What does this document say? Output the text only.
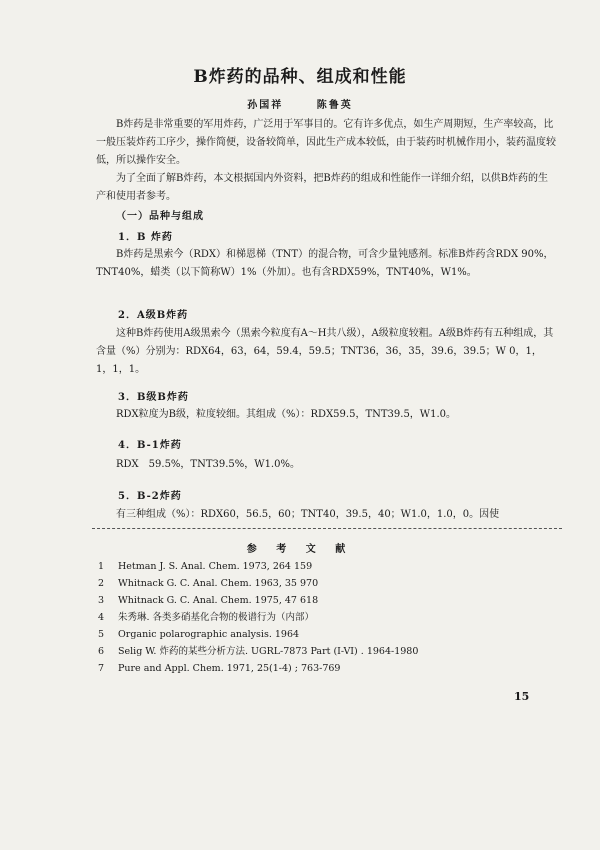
B炸药的品种、组成和性能
孙国祥	陈鲁英

B炸药是非常重要的军用炸药，广泛用于军事目的。它有许多优点，如生产周期短，生产率较高，比一般压装炸药工序少，操作简便，设备较简单，因此生产成本较低，由于装药时机械作用小，装药温度较低，所以操作安全。

为了全面了解B炸药，本文根据国内外资料，把B炸药的组成和性能作一详细介绍，以供B炸药的生产和使用者参考。

（一）品种与组成
1．B 炸药

B炸药是黑索今（RDX）和梯恩梯（TNT）的混合物，可含少量钝感剂。标准B炸药含RDX 90%，TNT40%，蜡类（以下简称W）1%（外加）。也有含RDX59%，TNT40%，W1%。

2．A级B炸药

这种B炸药使用A级黑索今（黑索今粒度有A～H共八级），A级粒度较粗。A级B炸药有五种组成，其含量（%）分别为：RDX64，63，64，59.4，59.5；TNT36，36，35，39.6，39.5；W 0，1，1，1，1。

3．B级B炸药

RDX粒度为B级，粒度较细。其组成（%）：RDX59.5，TNT39.5，W1.0。

4．B-1炸药

RDX　59.5%，TNT39.5%，W1.0%。

5．B-2炸药

有三种组成（%）：RDX60，56.5，60；TNT40，39.5，40；W1.0，1.0，0。因使

参 考 文 献
1 Hetman J. S. Anal. Chem. 1973, 264 159
2 Whitnack G. C. Anal. Chem. 1963, 35 970
3 Whitnack G. C. Anal. Chem. 1975, 47 618
4 朱秀琳. 各类多硝基化合物的极谱行为（内部）
5 Organic polarographic analysis. 1964
6 Selig W. 炸药的某些分析方法. UGRL-7873 Part (I-VI) . 1964-1980
7 Pure and Appl. Chem. 1971, 25(1-4) ; 763-769
15
